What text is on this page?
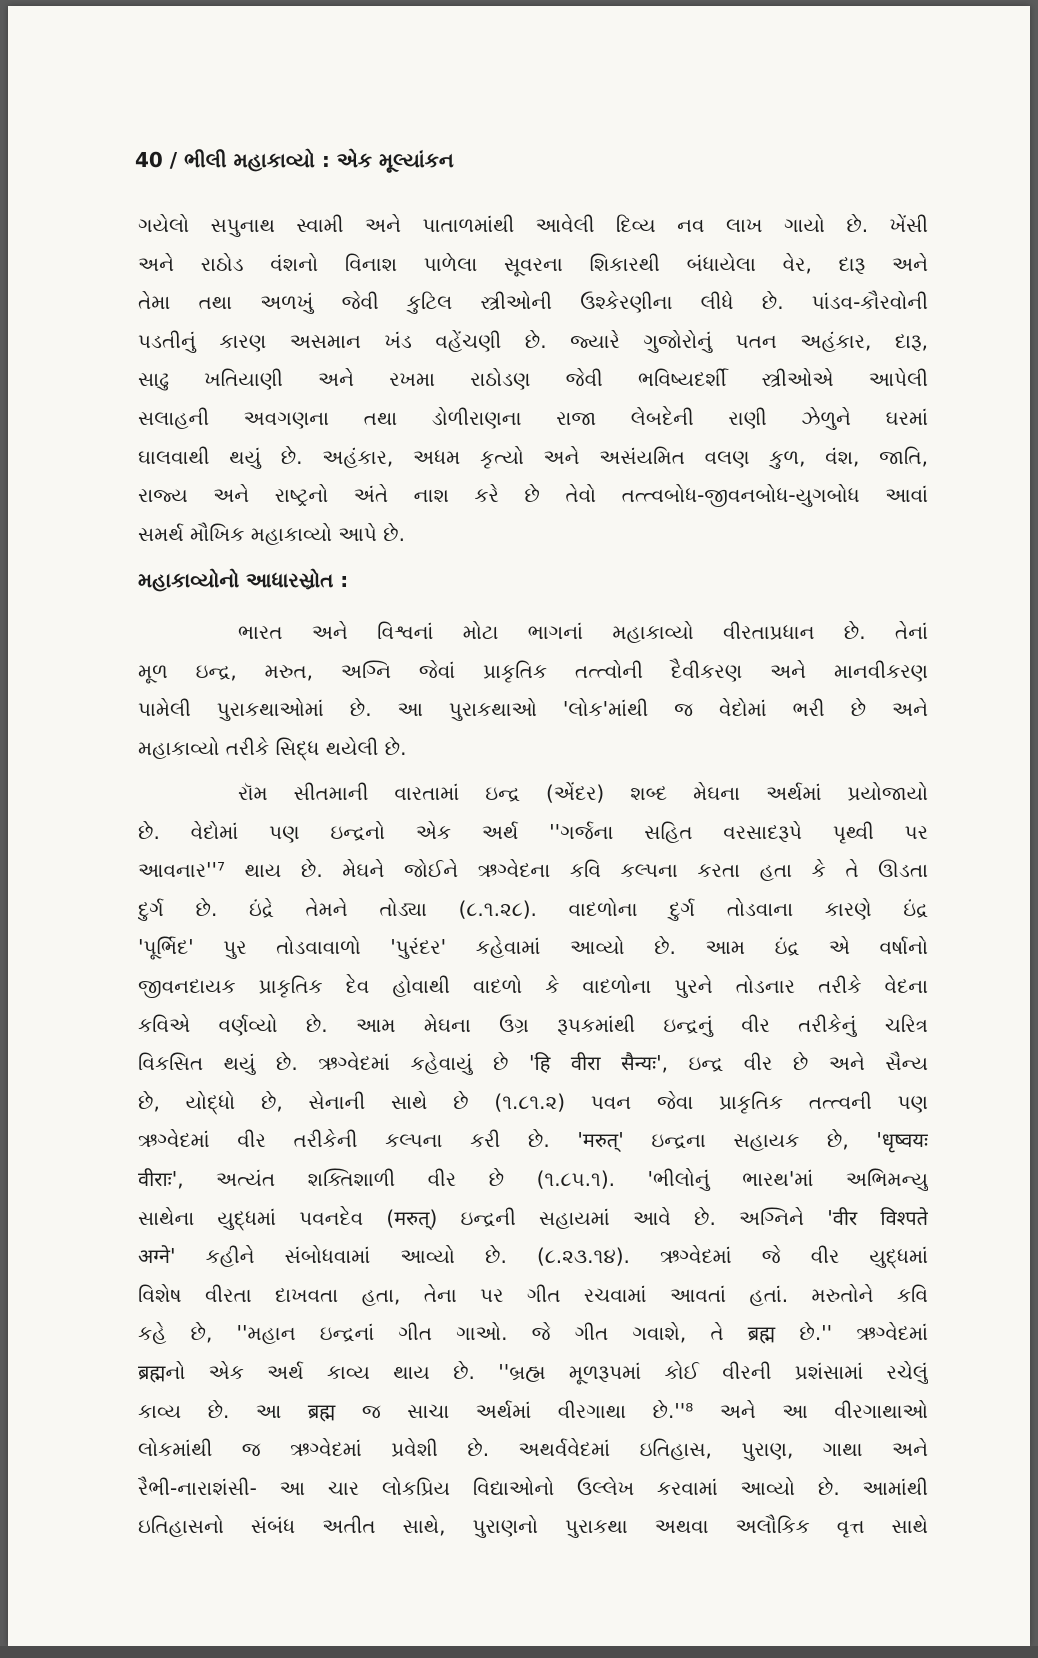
40 / ભીલી મહાકાવ્યો : એક મૂલ્યાંકન
ગયેલો સપુનાથ સ્વામી અને પાતાળમાંથી આવેલી દિવ્ય નવ લાખ ગાયો છે. ખેંસી
અને રાઠોડ વંશનો વિનાશ પાળેલા સૂવરના શિકારથી બંધાયેલા વેર, દારૂ અને
તેમા તથા અળખું જેવી કુટિલ સ્ત્રીઓની ઉશ્કેરણીના લીધે છે. પાંડવ-કૌરવોની
પડતીનું કારણ અસમાન ખંડ વહેંચણી છે. જ્યારે ગુજોરોનું પતન અહંકાર, દારૂ,
સાઢુ ખતિયાણી અને રખમા રાઠોડણ જેવી ભવિષ્યદર્શી સ્ત્રીઓએ આપેલી
સલાહની અવગણના તથા ડોળીરાણના રાજા લેબદેની રાણી ઝેળુને ઘરમાં
ઘાલવાથી થયું છે. અહંકાર, અધમ કૃત્યો અને અસંયમિત વલણ કુળ, વંશ, જાતિ,
રાજ્ય અને રાષ્ટ્રનો અંતે નાશ કરે છે તેવો તત્ત્વબોધ-જીવનબોધ-યુગબોધ આવાં
સમર્થ મૌખિક મહાકાવ્યો આપે છે.
મહાકાવ્યોનો આધારસ્રોત :
ભારત અને વિશ્વનાં મોટા ભાગનાં મહાકાવ્યો વીરતાપ્રધાન છે. તેનાં
મૂળ ઇન્દ્ર, મરુત, અગ્નિ જેવાં પ્રાકૃતિક તત્ત્વોની દૈવીકરણ અને માનવીકરણ
પામેલી પુરાકથાઓમાં છે. આ પુરાકથાઓ 'લોક'માંથી જ વેદોમાં ભરી છે અને
મહાકાવ્યો તરીકે સિદ્ધ થયેલી છે.
રૉમ સીતમાની વારતામાં ઇન્દ્ર (એંદર) શબ્દ મેઘના અર્થમાં પ્રયોજાયો
છે. વેદોમાં પણ ઇન્દ્રનો એક અર્થ ''ગર્જના સહિત વરસાદરૂપે પૃથ્વી પર
આવનાર''⁷ થાય છે. મેઘને જોઈને ઋગ્વેદના કવિ કલ્પના કરતા હતા કે તે ઊડતા
દુર્ગ છે. ઇંદ્રે તેમને તોડ્યા (૮.૧.૨૮). વાદળોના દુર્ગ તોડવાના કારણે ઇંદ્ર
'પૂર્ભિદ' પુર તોડવાવાળો 'પુરંદર' કહેવામાં આવ્યો છે. આમ ઇંદ્ર એ વર્ષાનો
જીવનદાયક પ્રાકૃતિક દેવ હોવાથી વાદળો કે વાદળોના પુરને તોડનાર તરીકે વેદના
કવિએ વર્ણવ્યો છે. આમ મેઘના ઉગ્ર રૂપકમાંથી ઇન્દ્રનું વીર તરીકેનું ચરિત્ર
વિકસિત થયું છે. ઋગ્વેદમાં કહેવાયું છે 'हि वीरा सैन्यः', ઇન્દ્ર વીર છે અને સૈન્ય
છે, યોદ્ધો છે, સેનાની સાથે છે (૧.૮૧.૨) પવન જેવા પ્રાકૃતિક તત્ત્વની પણ
ઋગ્વેદમાં વીર તરીકેની કલ્પના કરી છે. 'मरुत्' ઇન્દ્રના સહાયક છે, 'धृष्वयः
वीराः', અત્યંત શક્તિશાળી વીર છે (૧.૮૫.૧). 'ભીલોનું ભારથ'માં અભિમન્યુ
સાથેના યુદ્ધમાં પવનદેવ (मरुत्) ઇન્દ્રની સહાયમાં આવે છે. અગ્નિને 'वीर विश्पते
अग्ने' કહીને સંબોધવામાં આવ્યો છે. (૮.૨૩.૧૪). ઋગ્વેદમાં જે વીર યુદ્ધમાં
વિશેષ વીરતા દાખવતા હતા, તેના પર ગીત રચવામાં આવતાં હતાં. મરુતોને કવિ
કહે છે, ''મહાન ઇન્દ્રનાં ગીત ગાઓ. જે ગીત ગવાશે, તે ब्रह्म છે.'' ઋગ્વેદમાં
ब्रह्मનો એક અર્થ કાવ્ય થાય છે. ''બ્રહ્મ મૂળરૂપમાં કોઈ વીરની પ્રશંસામાં રચેલું
કાવ્ય છે. આ ब्रह्म જ સાચા અર્થમાં વીરગાથા છે.''⁸ અને આ વીરગાથાઓ
લોકમાંથી જ ઋગ્વેદમાં પ્રવેશી છે. અથર્વવેદમાં ઇતિહાસ, પુરાણ, ગાથા અને
રૈભી-નારાશંસી- આ ચાર લોકપ્રિય વિદ્યાઓનો ઉલ્લેખ કરવામાં આવ્યો છે. આમાંથી
ઇતિહાસનો સંબંધ અતીત સાથે, પુરાણનો પુરાકથા અથવા અલૌકિક વૃત્ત સાથે
